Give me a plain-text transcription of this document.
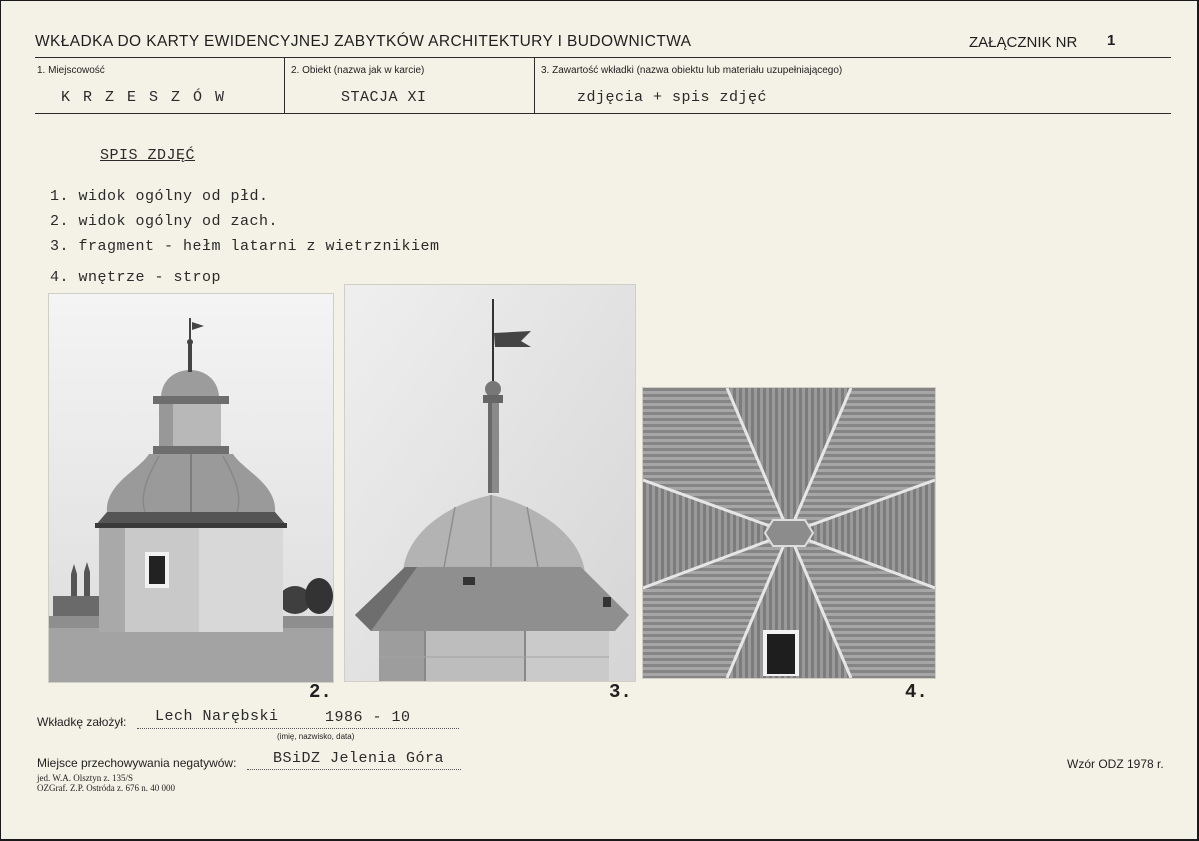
WKŁADKA DO KARTY EWIDENCYJNEJ ZABYTKÓW ARCHITEKTURY I BUDOWNICTWA	ZAŁĄCZNIK NR 1
1. Miejscowość
K R Z E S Z Ó W
2. Obiekt (nazwa jak w karcie)
STACJA XI
3. Zawartość wkładki (nazwa obiektu lub materiału uzupełniającego)
zdjęcia + spis zdjęć
SPIS ZDJĘĆ
1. widok ogólny od płd.
2. widok ogólny od zach.
3. fragment - hełm latarni z wietrznikiem
4. wnętrze - strop
2.	3.	4.
Wkładkę założył: Lech Narębski	1986 - 10
(imię, nazwisko, data)
Miejsce przechowywania negatywów: BSiDZ Jelenia Góra
jed. W.A. Olsztyn z. 135/S
OZGraf. Z.P. Ostróda z. 676 n. 40 000
Wzór ODZ 1978 r.
